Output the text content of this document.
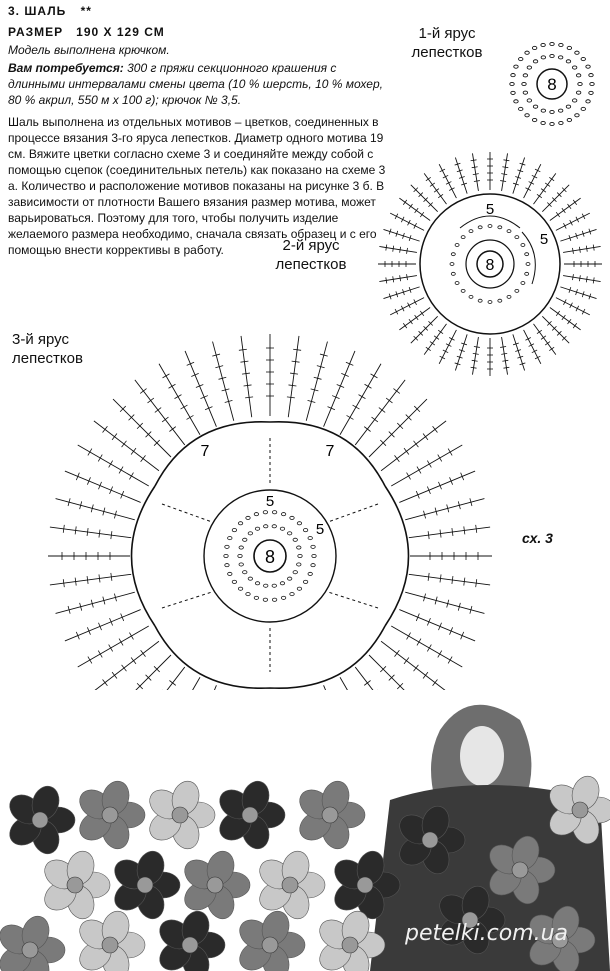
3. ШАЛЬ **
РАЗМЕР 190 X 129 СМ
Модель выполнена крючком.
Вам потребуется: 300 г пряжи секционного крашения с длинными интервалами смены цвета (10 % шерсть, 10 % мохер, 80 % акрил, 550 м х 100 г); крючок № 3,5.
Шаль выполнена из отдельных мотивов – цветков, соединенных в процессе вязания 3-го яруса лепестков. Диаметр одного мотива 19 см. Вяжите цветки согласно схеме 3 и соединяйте между собой с помощью сцепок (соединительных петель) как показано на схеме 3 а. Количество и расположение мотивов показаны на рисунке 3 б. В зависимости от плотности Вашего вязания размер мотива, может варьироваться. Поэтому для того, чтобы получить изделие желаемого размера необходимо, сначала связать образец и с его помощью внести коррективы в работу.
1-й ярус
лепестков
2-й ярус
лепестков
3-й ярус
лепестков
сх. 3
8
8
5
5
8
5
5
7	7
petelki.com.ua
